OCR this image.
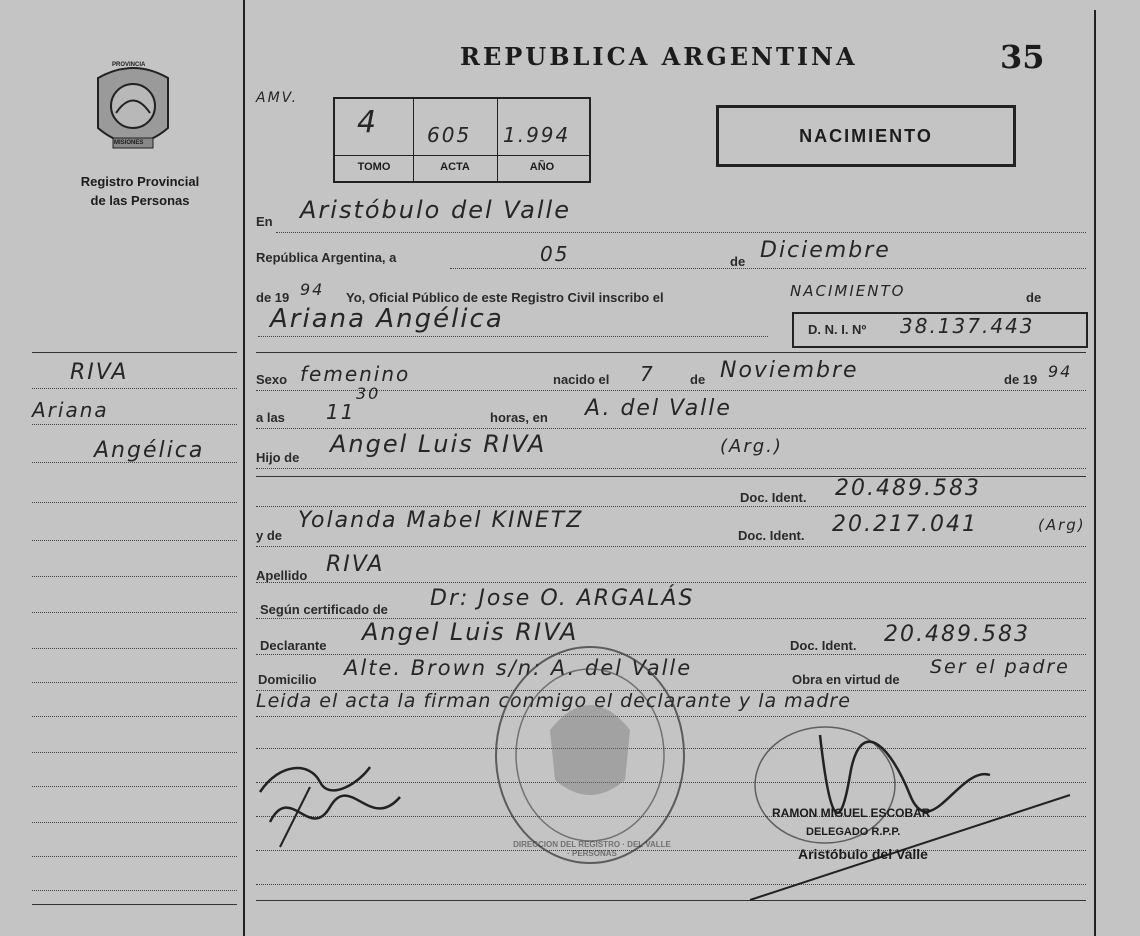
PROVINCIA
MISIONES
Registro Provincial
de las Personas
REPUBLICA ARGENTINA	35
AMV.
4 605 1.994
TOMO	ACTA	AÑO
NACIMIENTO
RIVA
Ariana
Angélica
En Aristóbulo del Valle
República Argentina, a	05	de Diciembre
de 19 94 Yo, Oficial Público de este Registro Civil inscribo el	NACIMIENTO	de
Ariana Angélica	D. N. I. Nº 38.137.443
Sexo femenino	nacido el 7	de Noviembre	de 19 94
a las 11
30
horas, en A. del Valle
Hijo de Angel Luis RIVA	(Arg.)
Doc. Ident. 20.489.583
y de
Yolanda Mabel KINETZ
Doc. Ident. 20.217.041	(Arg)
Apellido RIVA
Según certificado de Dr: Jose O. ARGALÁS
Declarante Angel Luis RIVA	Doc. Ident. 20.489.583
Domicilio Alte. Brown s/n: A. del Valle	Obra en virtud de
Ser el padre
Leida el acta la firman conmigo el declarante y la madre
DIRECCION DEL REGISTRO · DEL VALLE · PERSONAS
RAMON MIGUEL ESCOBAR
DELEGADO R.P.P.
Aristóbulo del Valle
